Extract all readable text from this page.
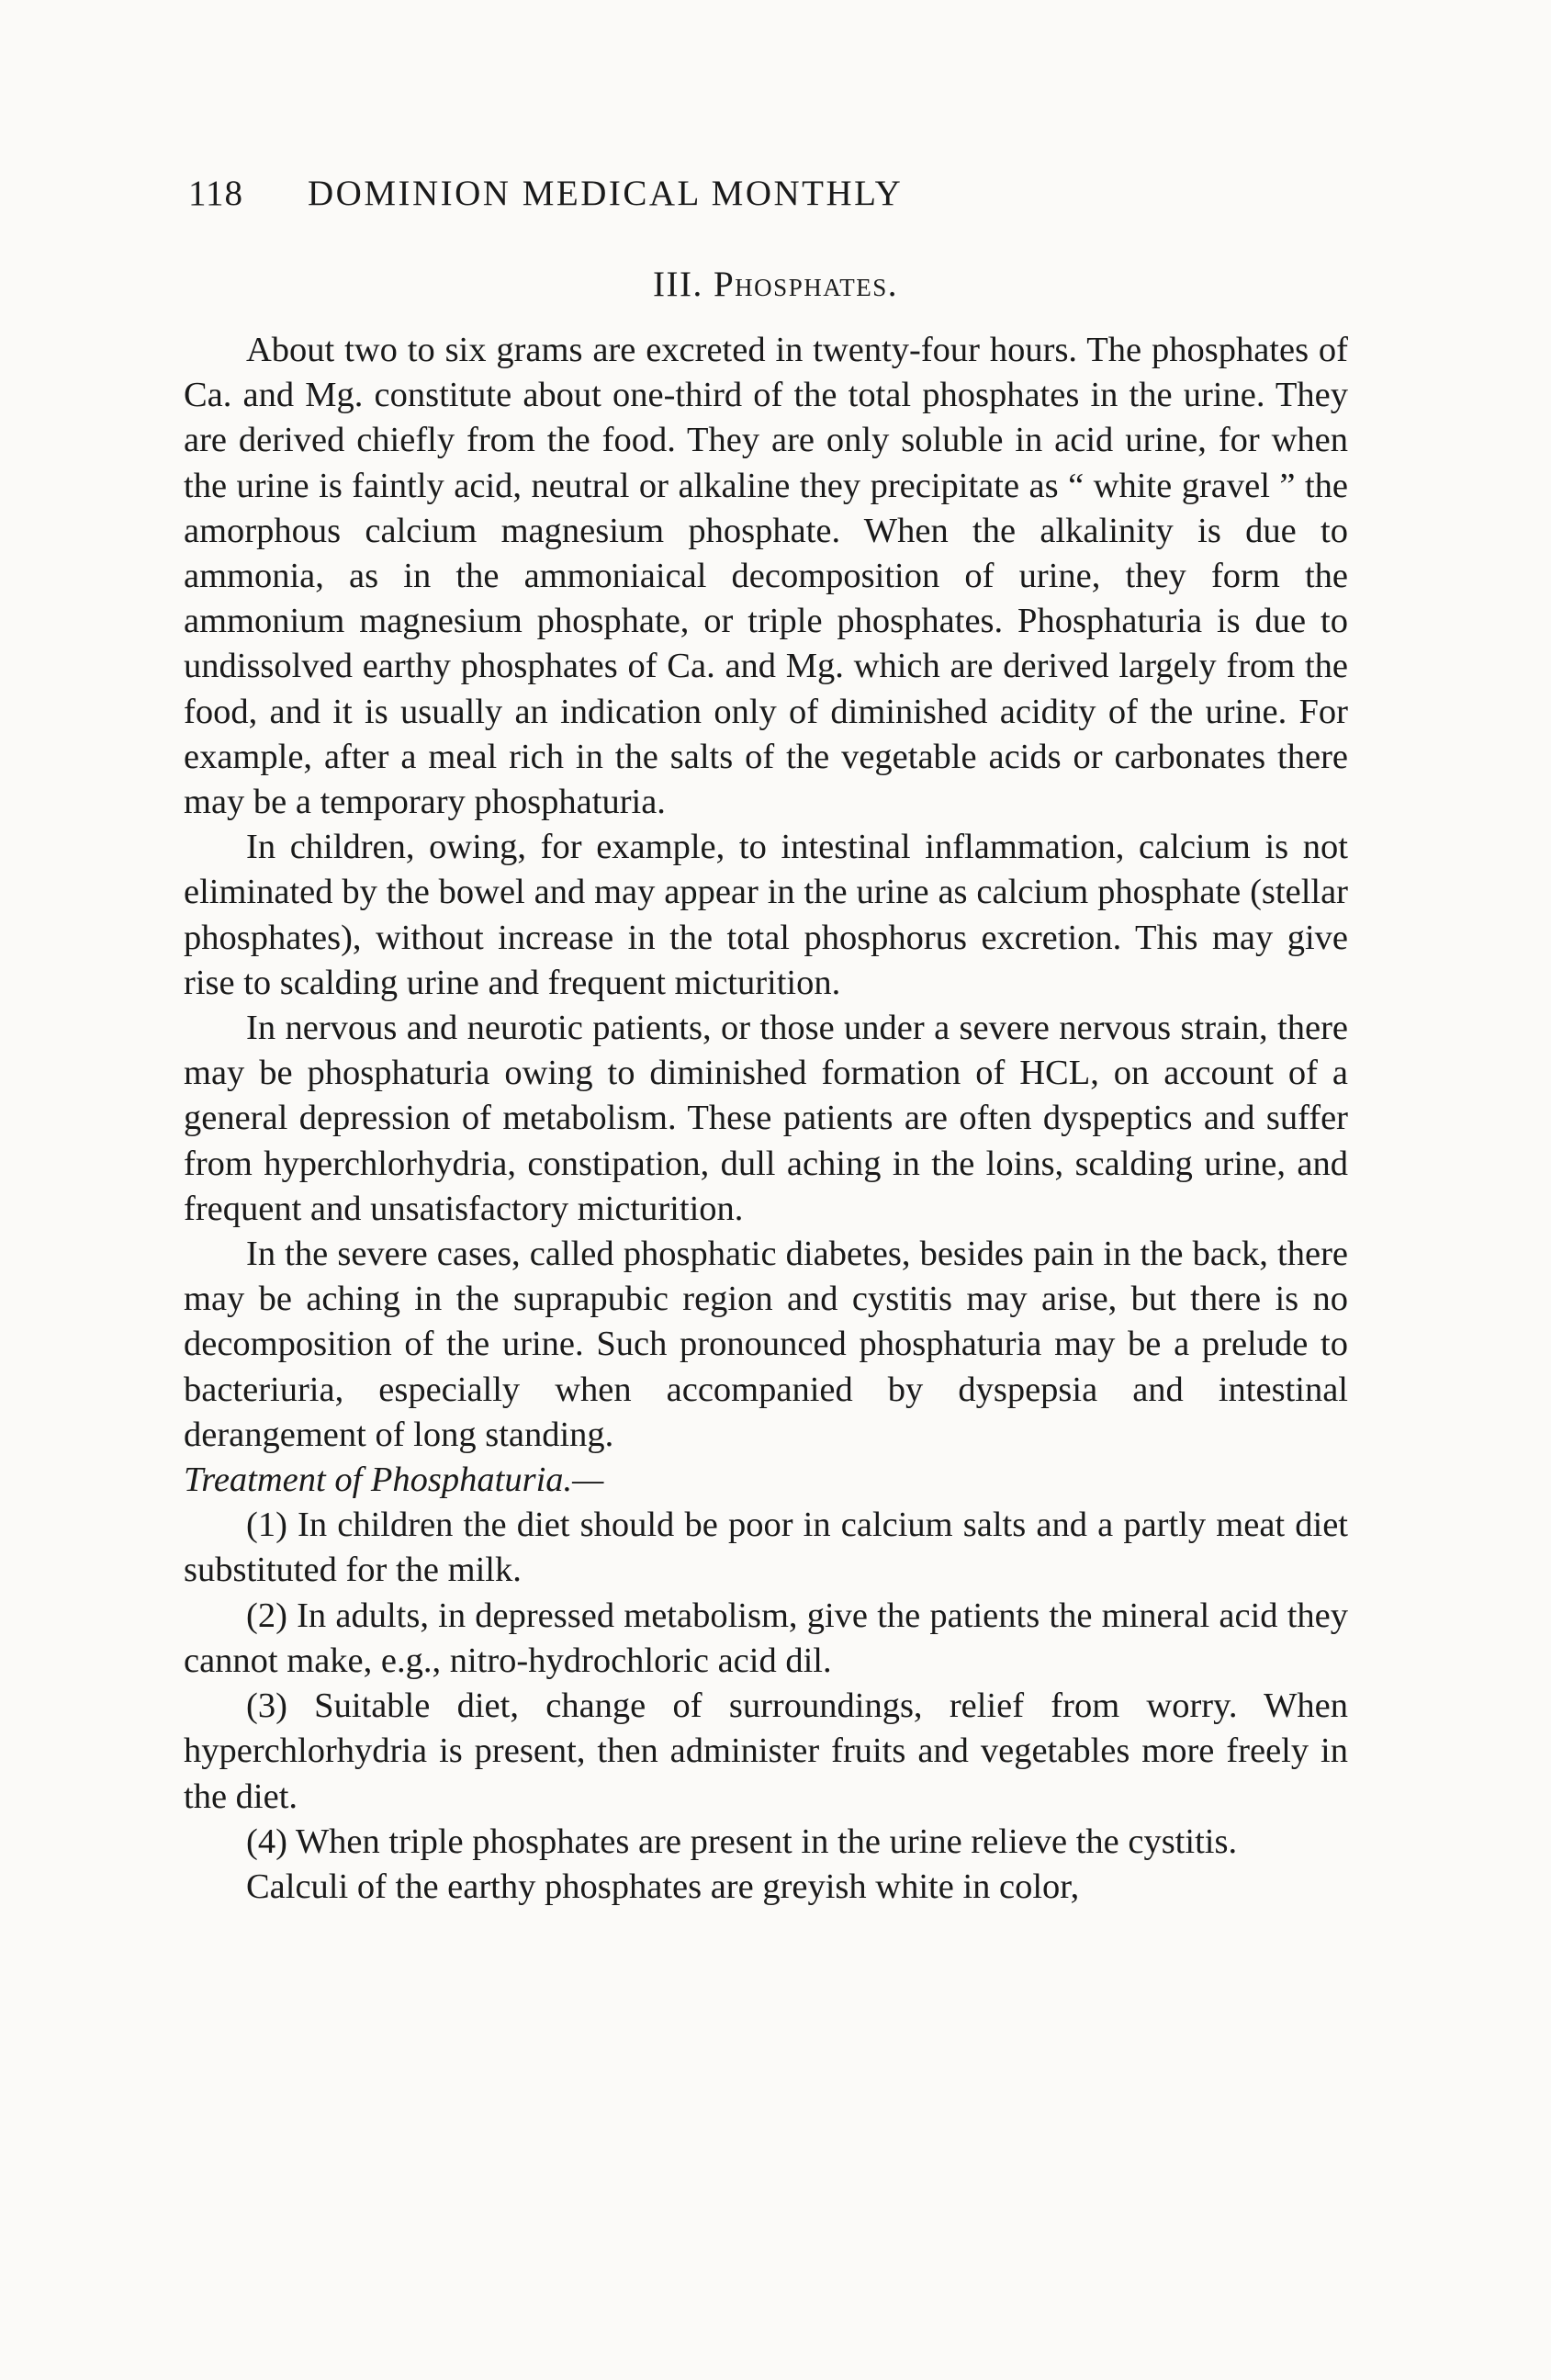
118 DOMINION MEDICAL MONTHLY
III. Phosphates.

About two to six grams are excreted in twenty-four hours. The phosphates of Ca. and Mg. constitute about one-third of the total phosphates in the urine. They are derived chiefly from the food. They are only soluble in acid urine, for when the urine is faintly acid, neutral or alkaline they precipitate as “ white gravel ” the amorphous calcium magnesium phosphate. When the alkalinity is due to ammonia, as in the ammoniaical decomposition of urine, they form the ammonium magnesium phosphate, or triple phosphates. Phosphaturia is due to undissolved earthy phosphates of Ca. and Mg. which are derived largely from the food, and it is usually an indication only of diminished acidity of the urine. For example, after a meal rich in the salts of the vegetable acids or carbonates there may be a temporary phosphaturia.

In children, owing, for example, to intestinal inflammation, calcium is not eliminated by the bowel and may appear in the urine as calcium phosphate (stellar phosphates), without increase in the total phosphorus excretion. This may give rise to scalding urine and frequent micturition.

In nervous and neurotic patients, or those under a severe nervous strain, there may be phosphaturia owing to diminished formation of HCL, on account of a general depression of metabolism. These patients are often dyspeptics and suffer from hyperchlorhydria, constipation, dull aching in the loins, scalding urine, and frequent and unsatisfactory micturition.

In the severe cases, called phosphatic diabetes, besides pain in the back, there may be aching in the suprapubic region and cystitis may arise, but there is no decomposition of the urine. Such pronounced phosphaturia may be a prelude to bacteriuria, especially when accompanied by dyspepsia and intestinal derangement of long standing.

Treatment of Phosphaturia.—

(1) In children the diet should be poor in calcium salts and a partly meat diet substituted for the milk.

(2) In adults, in depressed metabolism, give the patients the mineral acid they cannot make, e.g., nitro-hydrochloric acid dil.

(3) Suitable diet, change of surroundings, relief from worry. When hyperchlorhydria is present, then administer fruits and vegetables more freely in the diet.

(4) When triple phosphates are present in the urine relieve the cystitis.

Calculi of the earthy phosphates are greyish white in color,
